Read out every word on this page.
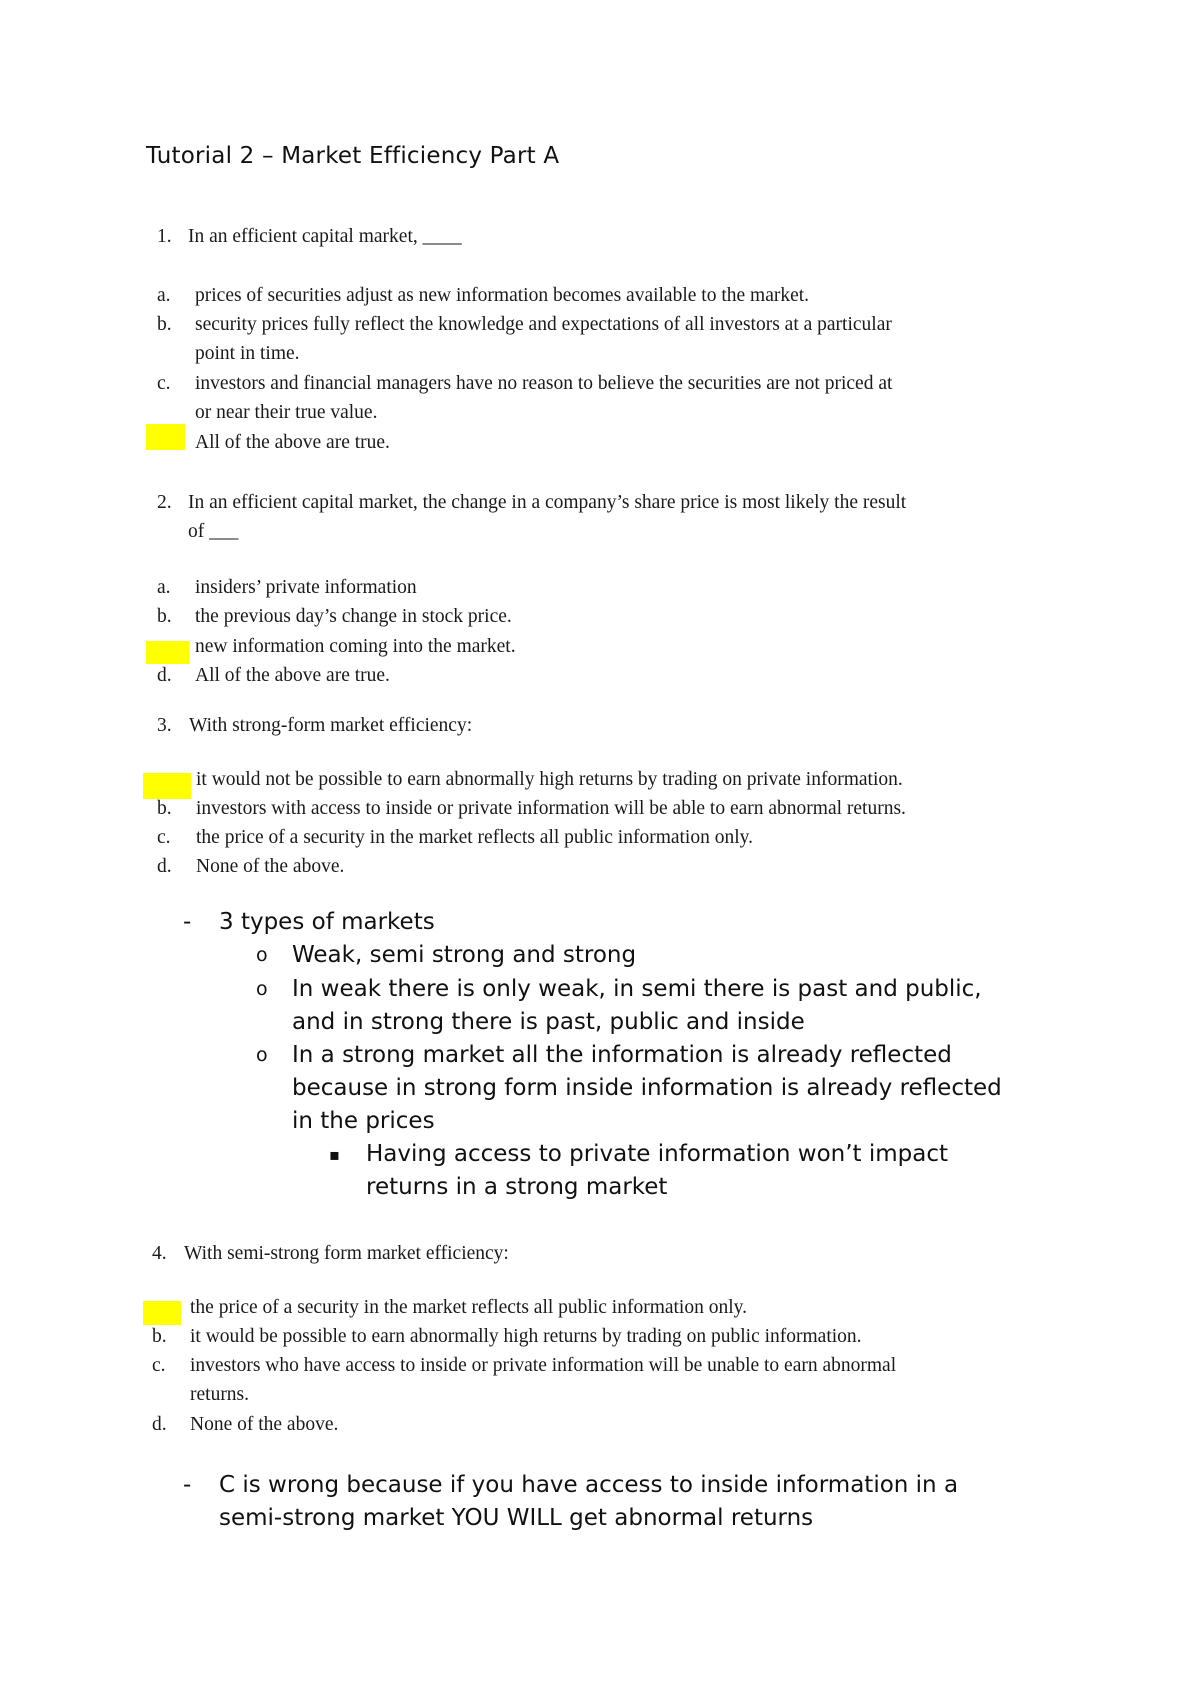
Tutorial 2 – Market Efficiency Part A
1. In an efficient capital market, ____
a. prices of securities adjust as new information becomes available to the market.
b. security prices fully reflect the knowledge and expectations of all investors at a particular
point in time.
c. investors and financial managers have no reason to believe the securities are not priced at
or near their true value.
All of the above are true.
2. In an efficient capital market, the change in a company’s share price is most likely the result
of ___
a. insiders’ private information
b. the previous day’s change in stock price.
new information coming into the market.
d. All of the above are true.
3. With strong-form market efficiency:
it would not be possible to earn abnormally high returns by trading on private information.
b. investors with access to inside or private information will be able to earn abnormal returns.
c. the price of a security in the market reflects all public information only.
d. None of the above.
- 3 types of markets
o Weak, semi strong and strong
o In weak there is only weak, in semi there is past and public,
and in strong there is past, public and inside
o In a strong market all the information is already reflected
because in strong form inside information is already reflected
in the prices
▪ Having access to private information won’t impact
returns in a strong market
4. With semi-strong form market efficiency:
the price of a security in the market reflects all public information only.
b. it would be possible to earn abnormally high returns by trading on public information.
c. investors who have access to inside or private information will be unable to earn abnormal
returns.
d. None of the above.
- C is wrong because if you have access to inside information in a
semi-strong market YOU WILL get abnormal returns
